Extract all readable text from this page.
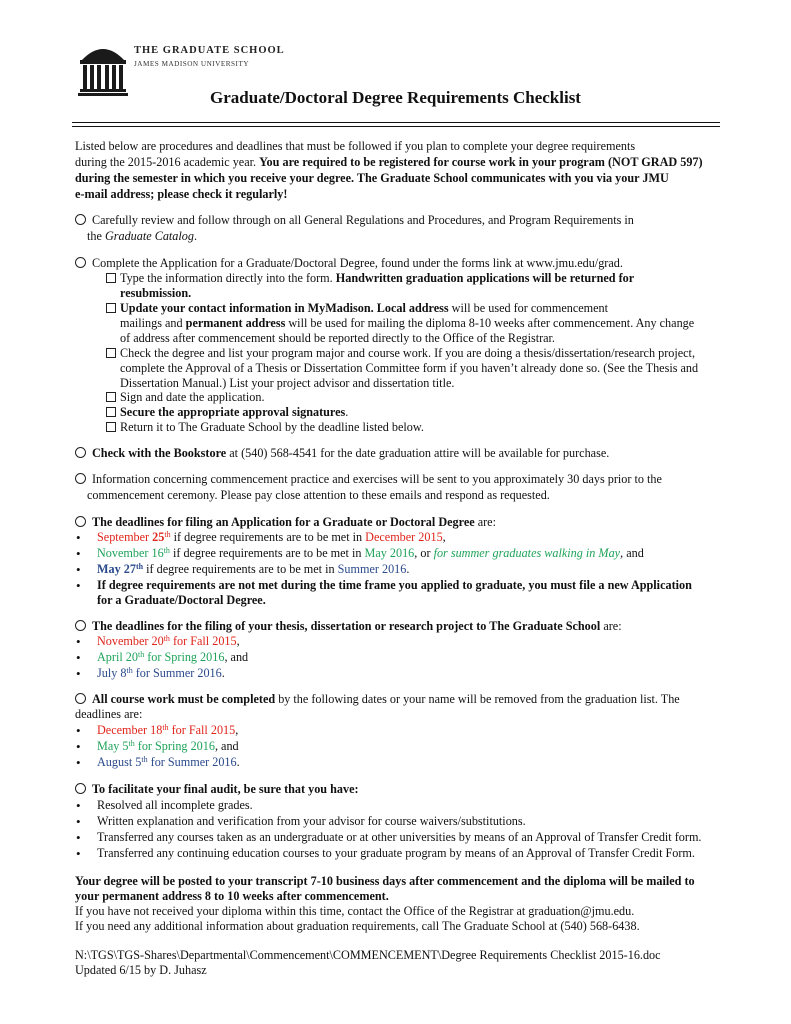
THE GRADUATE SCHOOL
JAMES MADISON UNIVERSITY
Graduate/Doctoral Degree Requirements Checklist
Listed below are procedures and deadlines that must be followed if you plan to complete your degree requirements
during the 2015-2016 academic year. You are required to be registered for course work in your program (NOT GRAD 597)
during the semester in which you receive your degree. The Graduate School communicates with you via your JMU
e-mail address; please check it regularly!
Carefully review and follow through on all General Regulations and Procedures, and Program Requirements in
the Graduate Catalog.
Complete the Application for a Graduate/Doctoral Degree, found under the forms link at www.jmu.edu/grad.
Type the information directly into the form. Handwritten graduation applications will be returned for
resubmission.
Update your contact information in MyMadison. Local address will be used for commencement
mailings and permanent address will be used for mailing the diploma 8-10 weeks after commencement. Any change
of address after commencement should be reported directly to the Office of the Registrar.
Check the degree and list your program major and course work. If you are doing a thesis/dissertation/research project,
complete the Approval of a Thesis or Dissertation Committee form if you haven’t already done so. (See the Thesis and
Dissertation Manual.) List your project advisor and dissertation title.
Sign and date the application.
Secure the appropriate approval signatures.
Return it to The Graduate School by the deadline listed below.
Check with the Bookstore at (540) 568-4541 for the date graduation attire will be available for purchase.
Information concerning commencement practice and exercises will be sent to you approximately 30 days prior to the
commencement ceremony. Please pay close attention to these emails and respond as requested.
The deadlines for filing an Application for a Graduate or Doctoral Degree are:
• September 25th if degree requirements are to be met in December 2015,
• November 16th if degree requirements are to be met in May 2016, or for summer graduates walking in May, and
• May 27th if degree requirements are to be met in Summer 2016.
• If degree requirements are not met during the time frame you applied to graduate, you must file a new Application
for a Graduate/Doctoral Degree.
The deadlines for the filing of your thesis, dissertation or research project to The Graduate School are:
• November 20th for Fall 2015,
• April 20th for Spring 2016, and
• July 8th for Summer 2016.
All course work must be completed by the following dates or your name will be removed from the graduation list. The
deadlines are:
• December 18th for Fall 2015,
• May 5th for Spring 2016, and
• August 5th for Summer 2016.
To facilitate your final audit, be sure that you have:
• Resolved all incomplete grades.
• Written explanation and verification from your advisor for course waivers/substitutions.
• Transferred any courses taken as an undergraduate or at other universities by means of an Approval of Transfer Credit form.
• Transferred any continuing education courses to your graduate program by means of an Approval of Transfer Credit Form.
Your degree will be posted to your transcript 7-10 business days after commencement and the diploma will be mailed to
your permanent address 8 to 10 weeks after commencement.
If you have not received your diploma within this time, contact the Office of the Registrar at graduation@jmu.edu.
If you need any additional information about graduation requirements, call The Graduate School at (540) 568-6438.
N:\TGS\TGS-Shares\Departmental\Commencement\COMMENCEMENT\Degree Requirements Checklist 2015-16.doc
Updated 6/15 by D. Juhasz
